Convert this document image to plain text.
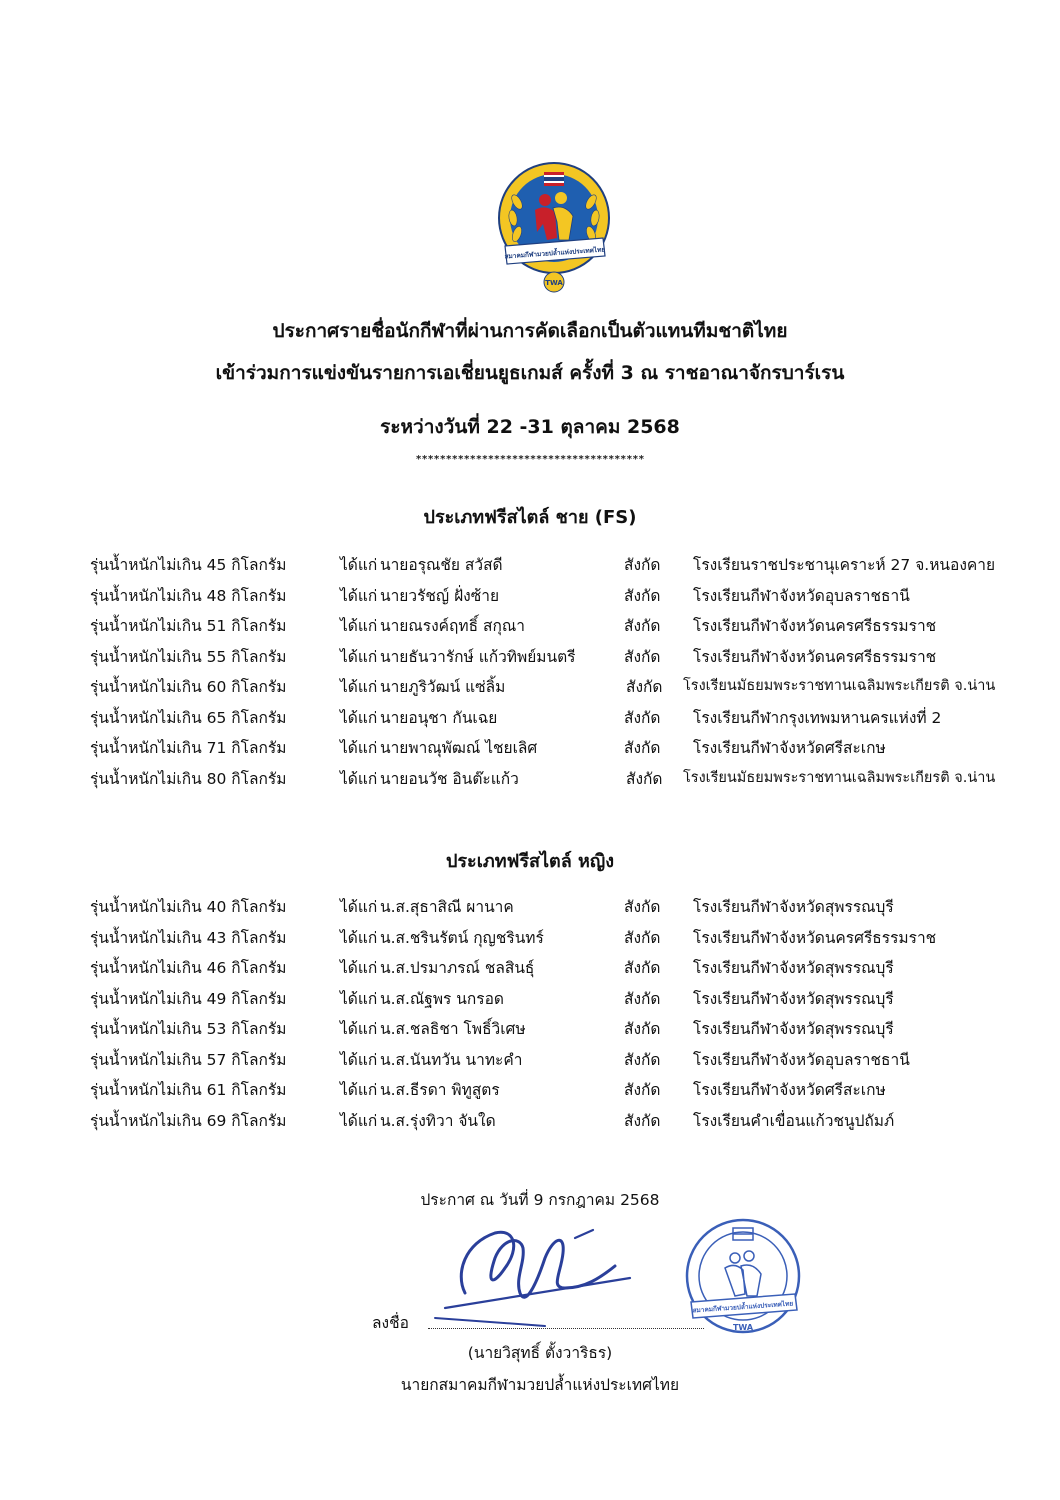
สมาคมกีฬามวยปล้ำแห่งประเทศไทย
TWA
ประกาศรายชื่อนักกีฬาที่ผ่านการคัดเลือกเป็นตัวแทนทีมชาติไทย
เข้าร่วมการแข่งขันรายการเอเชี่ยนยูธเกมส์ ครั้งที่ 3 ณ ราชอาณาจักรบาร์เรน
ระหว่างวันที่ 22 -31 ตุลาคม 2568
**************************************
ประเภทฟรีสไตล์ ชาย (FS)
รุ่นน้ำหนักไม่เกิน 45 กิโลกรัม	ได้แก่ นายอรุณชัย สวัสดี	สังกัด โรงเรียนราชประชานุเคราะห์ 27 จ.หนองคาย
รุ่นน้ำหนักไม่เกิน 48 กิโลกรัม	ได้แก่ นายวรัชญ์ ฝั่งซ้าย	สังกัด โรงเรียนกีฬาจังหวัดอุบลราชธานี
รุ่นน้ำหนักไม่เกิน 51 กิโลกรัม	ได้แก่ นายณรงค์ฤทธิ์ สกุณา	สังกัด โรงเรียนกีฬาจังหวัดนครศรีธรรมราช
รุ่นน้ำหนักไม่เกิน 55 กิโลกรัม	ได้แก่ นายธันวารักษ์ แก้วทิพย์มนตรี	สังกัด โรงเรียนกีฬาจังหวัดนครศรีธรรมราช
รุ่นน้ำหนักไม่เกิน 60 กิโลกรัม	ได้แก่ นายภูริวัฒน์ แซ่ลิ้ม	สังกัด โรงเรียนมัธยมพระราชทานเฉลิมพระเกียรติ จ.น่าน
รุ่นน้ำหนักไม่เกิน 65 กิโลกรัม	ได้แก่ นายอนุชา กันเฉย	สังกัด โรงเรียนกีฬากรุงเทพมหานครแห่งที่ 2
รุ่นน้ำหนักไม่เกิน 71 กิโลกรัม	ได้แก่ นายพาณุพัฒณ์ ไชยเลิศ	สังกัด โรงเรียนกีฬาจังหวัดศรีสะเกษ
รุ่นน้ำหนักไม่เกิน 80 กิโลกรัม	ได้แก่ นายอนวัช อินต๊ะแก้ว	สังกัด โรงเรียนมัธยมพระราชทานเฉลิมพระเกียรติ จ.น่าน
ประเภทฟรีสไตล์ หญิง
รุ่นน้ำหนักไม่เกิน 40 กิโลกรัม	ได้แก่ น.ส.สุธาสิณี ผานาค	สังกัด โรงเรียนกีฬาจังหวัดสุพรรณบุรี
รุ่นน้ำหนักไม่เกิน 43 กิโลกรัม	ได้แก่ น.ส.ชรินรัตน์ กุญชรินทร์	สังกัด โรงเรียนกีฬาจังหวัดนครศรีธรรมราช
รุ่นน้ำหนักไม่เกิน 46 กิโลกรัม	ได้แก่ น.ส.ปรมาภรณ์ ชลสินธุ์	สังกัด โรงเรียนกีฬาจังหวัดสุพรรณบุรี
รุ่นน้ำหนักไม่เกิน 49 กิโลกรัม	ได้แก่ น.ส.ณัฐพร นกรอด	สังกัด โรงเรียนกีฬาจังหวัดสุพรรณบุรี
รุ่นน้ำหนักไม่เกิน 53 กิโลกรัม	ได้แก่ น.ส.ชลธิชา โพธิ์วิเศษ	สังกัด โรงเรียนกีฬาจังหวัดสุพรรณบุรี
รุ่นน้ำหนักไม่เกิน 57 กิโลกรัม	ได้แก่ น.ส.นันทวัน นาทะคำ	สังกัด โรงเรียนกีฬาจังหวัดอุบลราชธานี
รุ่นน้ำหนักไม่เกิน 61 กิโลกรัม	ได้แก่ น.ส.ธีรดา พิทูสูตร	สังกัด โรงเรียนกีฬาจังหวัดศรีสะเกษ
รุ่นน้ำหนักไม่เกิน 69 กิโลกรัม	ได้แก่ น.ส.รุ่งทิวา จันใด	สังกัด โรงเรียนคำเขื่อนแก้วชนูปถัมภ์
ประกาศ ณ วันที่ 9 กรกฎาคม 2568
สมาคมกีฬามวยปล้ำแห่งประเทศไทย
TWA
ลงชื่อ
(นายวิสุทธิ์ ตั้งวาริธร)
นายกสมาคมกีฬามวยปล้ำแห่งประเทศไทย
